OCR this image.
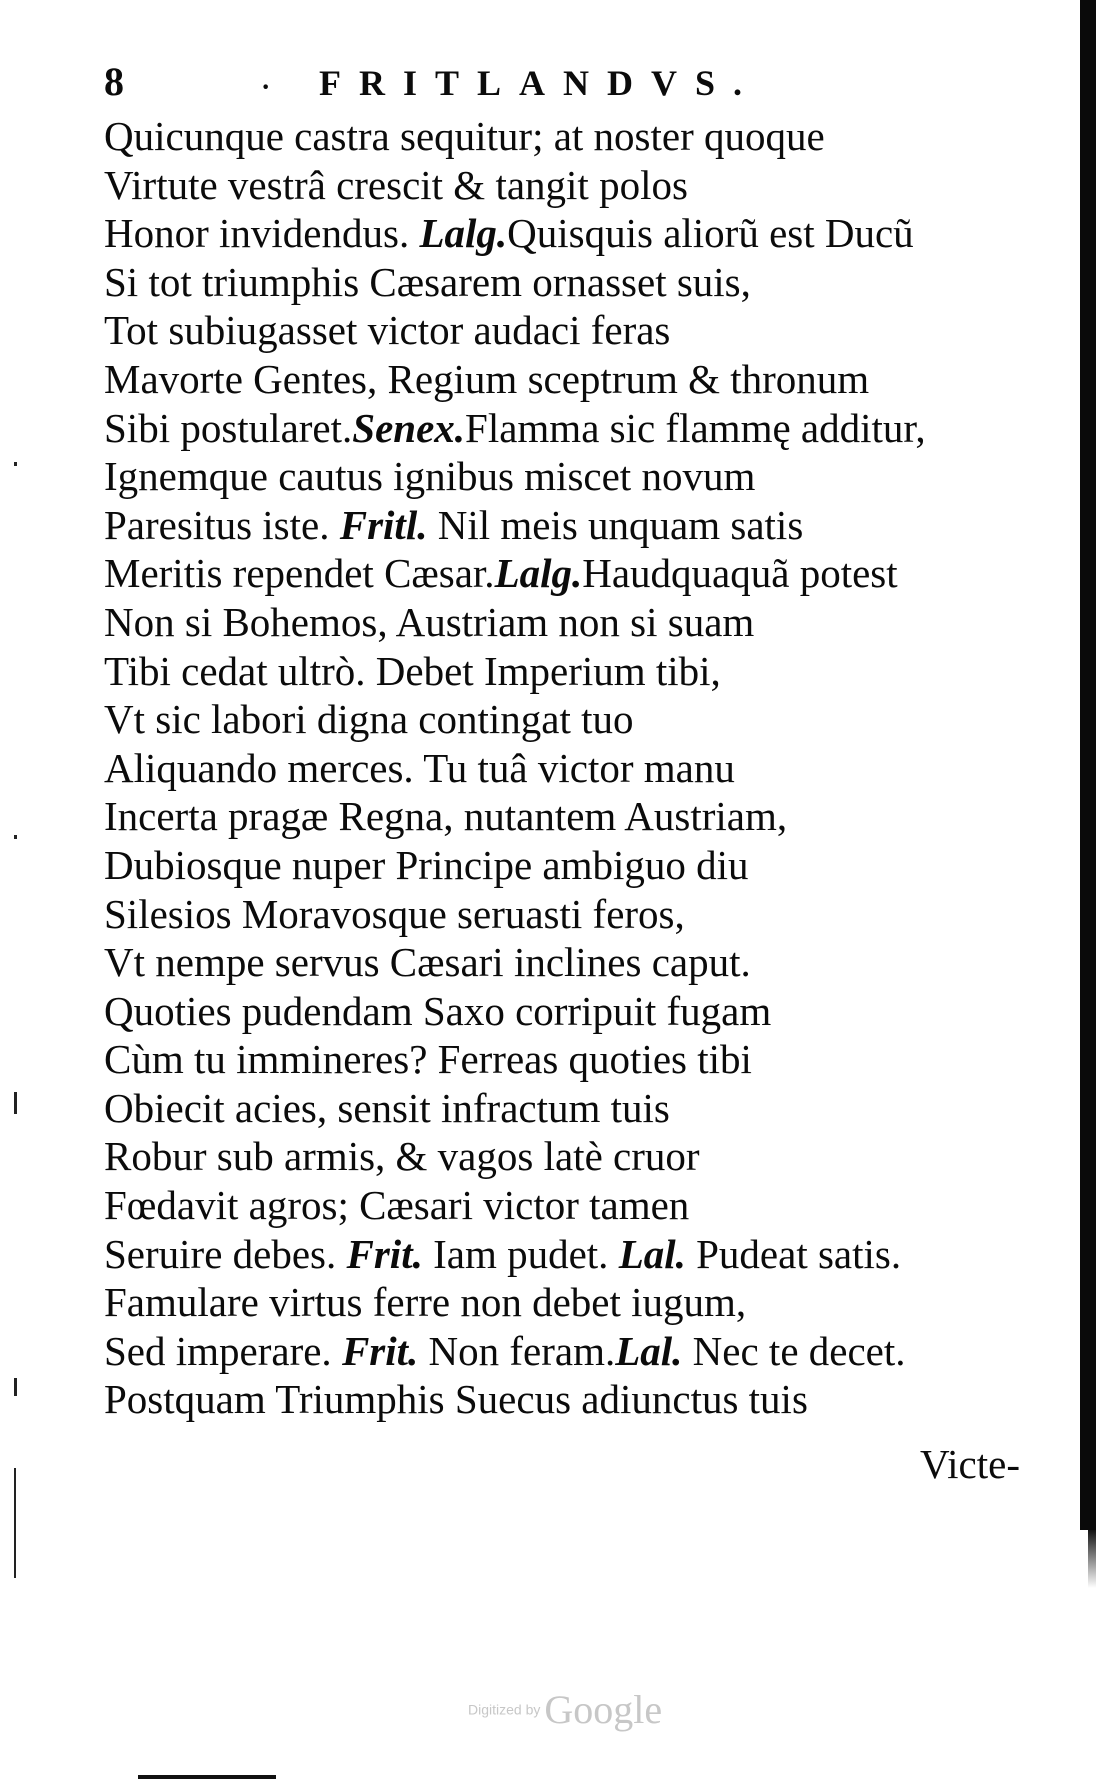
8	· FRITLANDVS.
Quicunque castra sequitur; at noster quoque
Virtute vestrâ crescit & tangit polos
Honor invidendus. Lalg.Quisquis aliorũ est Ducũ
Si tot triumphis Cæsarem ornasset suis,
Tot subiugasset victor audaci feras
Mavorte Gentes, Regium sceptrum & thronum
Sibi postularet.Senex.Flamma sic flammę additur,
Ignemque cautus ignibus miscet novum
Paresitus iste. Fritl. Nil meis unquam satis
Meritis rependet Cæsar.Lalg.Haudquaquã potest
Non si Bohemos, Austriam non si suam
Tibi cedat ultrò. Debet Imperium tibi,
Vt sic labori digna contingat tuo
Aliquando merces. Tu tuâ victor manu
Incerta pragæ Regna, nutantem Austriam,
Dubiosque nuper Principe ambiguo diu
Silesios Moravosque seruasti feros,
Vt nempe servus Cæsari inclines caput.
Quoties pudendam Saxo corripuit fugam
Cùm tu immineres? Ferreas quoties tibi
Obiecit acies, sensit infractum tuis
Robur sub armis, & vagos latè cruor
Fœdavit agros; Cæsari victor tamen
Seruire debes. Frit. Iam pudet. Lal. Pudeat satis.
Famulare virtus ferre non debet iugum,
Sed imperare. Frit. Non feram.Lal. Nec te decet.
Postquam Triumphis Suecus adiunctus tuis
Victe-
Digitized by Google
